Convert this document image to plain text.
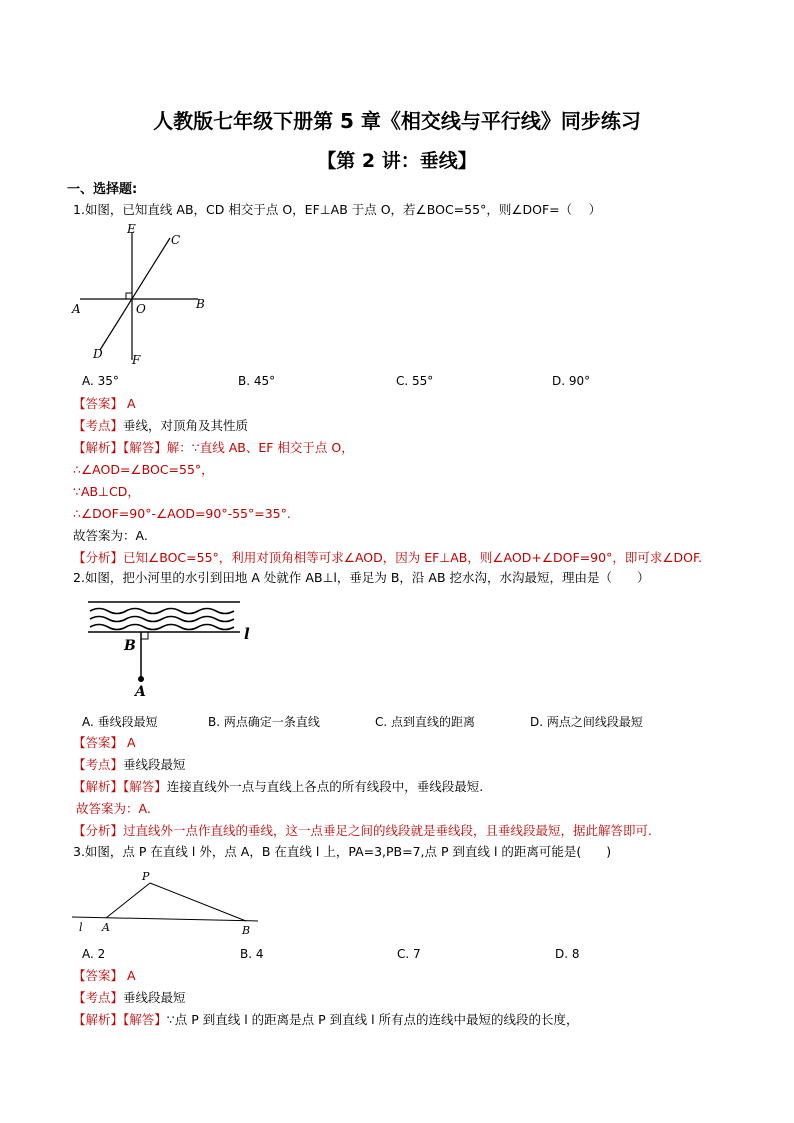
人教版七年级下册第 5 章《相交线与平行线》同步练习
【第 2 讲：垂线】
一、选择题:
1.如图，已知直线 AB，CD 相交于点 O，EF⊥AB 于点 O，若∠BOC=55°，则∠DOF=（　 ）
E
C
A	O	B
D F
A. 35°	B. 45°	C. 55°	D. 90°
【答案】 A
【考点】垂线，对顶角及其性质
【解析】【解答】解：∵直线 AB、EF 相交于点 O，
∴∠AOD=∠BOC=55°，
∵AB⊥CD，
∴∠DOF=90°-∠AOD=90°-55°=35°.
故答案为：A.
【分析】已知∠BOC=55°，利用对顶角相等可求∠AOD，因为 EF⊥AB，则∠AOD+∠DOF=90°，即可求∠DOF.
2.如图，把小河里的水引到田地 A 处就作 AB⊥l，垂足为 B，沿 AB 挖水沟，水沟最短，理由是（　　）
B
l
A
A. 垂线段最短	B. 两点确定一条直线	C. 点到直线的距离	D. 两点之间线段最短
【答案】 A
【考点】垂线段最短
【解析】【解答】连接直线外一点与直线上各点的所有线段中，垂线段最短.
故答案为：A.
【分析】过直线外一点作直线的垂线，这一点垂足之间的线段就是垂线段，且垂线段最短，据此解答即可.
3.如图，点 P 在直线 l 外，点 A，B 在直线 l 上，PA=3,PB=7,点 P 到直线 l 的距离可能是(　　)
P
l A	B
A. 2	B. 4	C. 7	D. 8
【答案】 A
【考点】垂线段最短
【解析】【解答】∵点 P 到直线 l 的距离是点 P 到直线 l 所有点的连线中最短的线段的长度，
